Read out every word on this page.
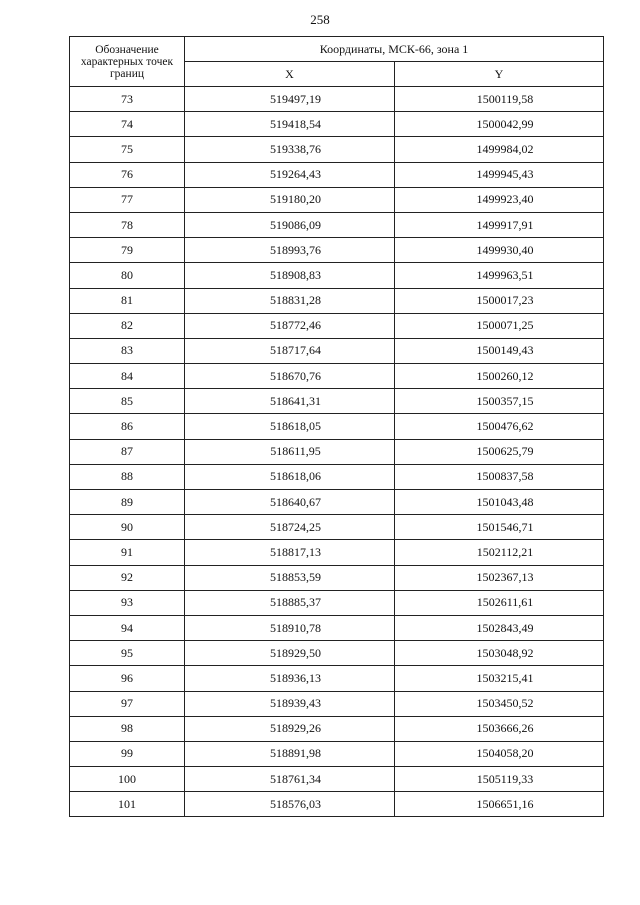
258
Обозначение характерных точек границ	Координаты, МСК-66, зона 1	
	X	Y
73	519497,19	1500119,58
74	519418,54	1500042,99
75	519338,76	1499984,02
76	519264,43	1499945,43
77	519180,20	1499923,40
78	519086,09	1499917,91
79	518993,76	1499930,40
80	518908,83	1499963,51
81	518831,28	1500017,23
82	518772,46	1500071,25
83	518717,64	1500149,43
84	518670,76	1500260,12
85	518641,31	1500357,15
86	518618,05	1500476,62
87	518611,95	1500625,79
88	518618,06	1500837,58
89	518640,67	1501043,48
90	518724,25	1501546,71
91	518817,13	1502112,21
92	518853,59	1502367,13
93	518885,37	1502611,61
94	518910,78	1502843,49
95	518929,50	1503048,92
96	518936,13	1503215,41
97	518939,43	1503450,52
98	518929,26	1503666,26
99	518891,98	1504058,20
100	518761,34	1505119,33
101	518576,03	1506651,16
